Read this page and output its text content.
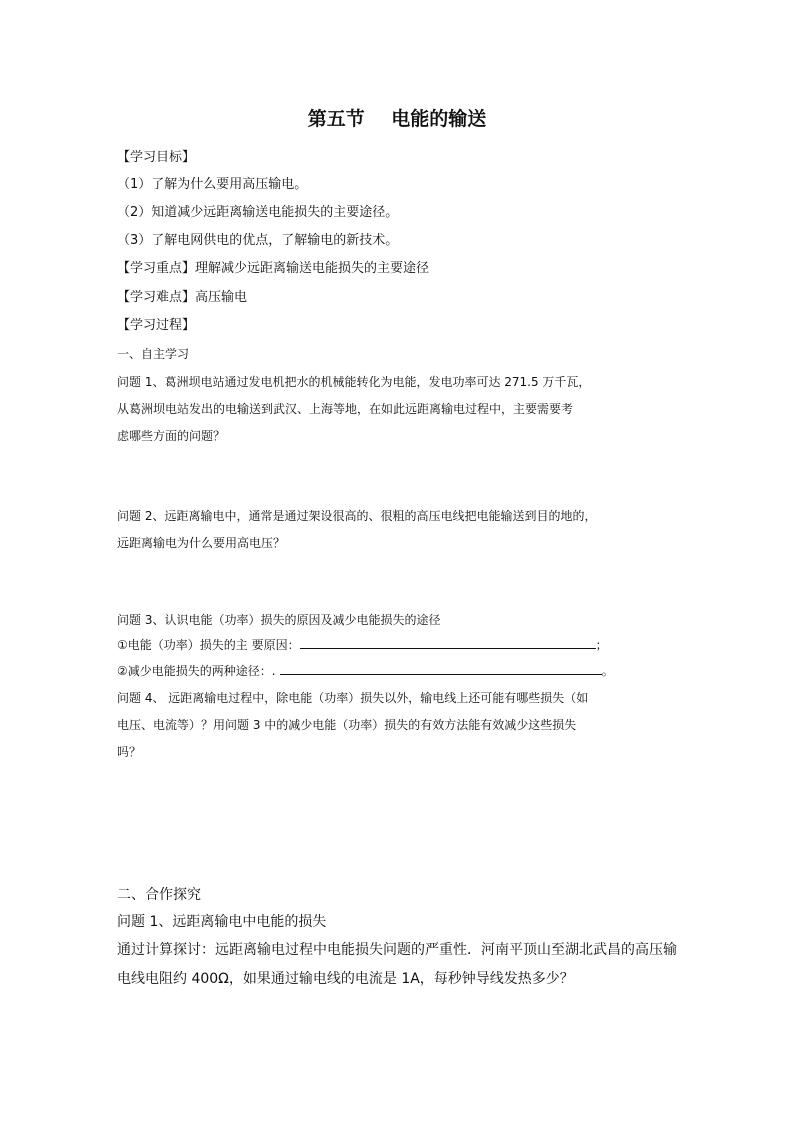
第五节    电能的输送
【学习目标】
（1）了解为什么要用高压输电。
（2）知道减少远距离输送电能损失的主要途径。
（3）了解电网供电的优点，了解输电的新技术。
【学习重点】理解减少远距离输送电能损失的主要途径
【学习难点】高压输电
【学习过程】
一、自主学习
问题 1、葛洲坝电站通过发电机把水的机械能转化为电能，发电功率可达 271.5 万千瓦，
从葛洲坝电站发出的电输送到武汉、上海等地，在如此远距离输电过程中，主要需要考
虑哪些方面的问题？
问题 2、远距离输电中，通常是通过架设很高的、很粗的高压电线把电能输送到目的地的，
远距离输电为什么要用高电压？
问题 3、认识电能（功率）损失的原因及减少电能损失的途径
①电能（功率）损失的主 要原因：	；
②减少电能损失的两种途径：.	。
问题 4、 远距离输电过程中，除电能（功率）损失以外，输电线上还可能有哪些损失（如
电压、电流等）？用问题 3 中的减少电能（功率）损失的有效方法能有效减少这些损失
吗？
二、合作探究
问题 1、远距离输电中电能的损失
通过计算探讨：远距离输电过程中电能损失问题的严重性．河南平顶山至湖北武昌的高压输
电线电阻约 400Ω，如果通过输电线的电流是 1A，每秒钟导线发热多少？
